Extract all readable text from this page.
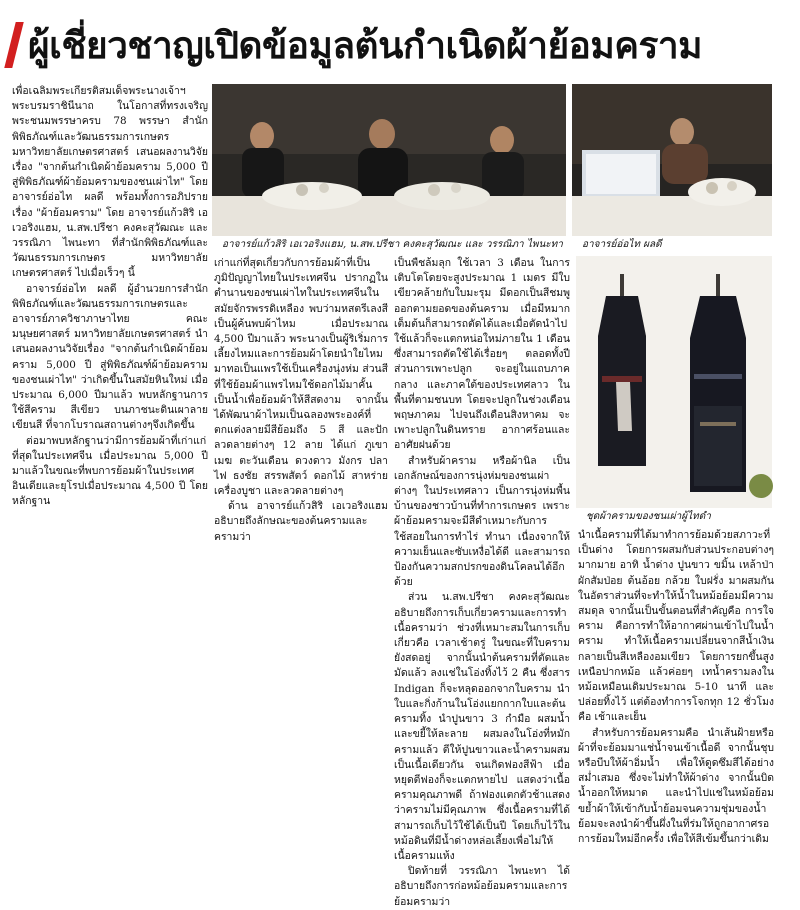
ผู้เชี่ยวชาญเปิดข้อมูลต้นกำเนิดผ้าย้อมคราม

เพื่อเฉลิมพระเกียรติสมเด็จพระนางเจ้าฯ พระบรมราชินีนาถ ในโอกาสที่ทรงเจริญพระชนมพรรษาครบ 78 พรรษา สำนักพิพิธภัณฑ์และวัฒนธรรมการเกษตร มหาวิทยาลัยเกษตรศาสตร์ เสนอผลงานวิจัยเรื่อง "จากต้นกำเนิดผ้าย้อมคราม 5,000 ปี สู่พิพิธภัณฑ์ผ้าย้อมครามของชนเผ่าไท" โดยอาจารย์อ่อไท ผลดี พร้อมทั้งการอภิปรายเรื่อง "ผ้าย้อมคราม" โดย อาจารย์แก้วสิริ เอเวอริงแฮม, น.สพ.ปรีชา คงคะสุวัฒณะ และวรรณิภา ไพนะทา ที่สำนักพิพิธภัณฑ์และวัฒนธรรมการเกษตร มหาวิทยาลัยเกษตรศาสตร์ ไปเมื่อเร็วๆ นี้

อาจารย์อ่อไท ผลดี ผู้อำนวยการสำนักพิพิธภัณฑ์และวัฒนธรรมการเกษตรและอาจารย์ภาควิชาภาษาไทย คณะมนุษยศาสตร์ มหาวิทยาลัยเกษตรศาสตร์ นำเสนอผลงานวิจัยเรื่อง "จากต้นกำเนิดผ้าย้อมคราม 5,000 ปี สู่พิพิธภัณฑ์ผ้าย้อมครามของชนเผ่าไท" ว่าเกิดขึ้นในสมัยหินใหม่ เมื่อประมาณ 6,000 ปีมาแล้ว พบหลักฐานการใช้สีคราม สีเขียว บนภาชนะดินเผาลายเขียนสี ที่จากโบราณสถานต่างๆจึงเกิดขึ้น

ต่อมาพบหลักฐานว่ามีการย้อมผ้าที่เก่าแก่ที่สุดในประเทศจีน เมื่อประมาณ 5,000 ปี มาแล้วในขณะที่พบการย้อมผ้าในประเทศอินเดียและยุโรปเมื่อประมาณ 4,500 ปี โดยหลักฐาน

อาจารย์แก้วสิริ เอเวอริงแฮม, น.สพ.ปรีชา คงคะสุวัฒณะ และ วรรณิภา ไพนะทา	อาจารย์อ่อไท ผลดี

เก่าแก่ที่สุดเกี่ยวกับการย้อมผ้าที่เป็นภูมิปัญญาไทยในประเทศจีน ปรากฏในตำนานของชนเผ่าไทในประเทศจีนในสมัยจักรพรรดิเหลือง พบว่ามหสตรีเลงสี เป็นผู้ค้นพบผ้าไหม เมื่อประมาณ 4,500 ปีมาแล้ว พระนางเป็นผู้ริเริ่มการเลี้ยงไหมและการย้อมผ้าโดยนำใยไหมมาทอเป็นแพรใช้เป็นเครื่องนุ่งห่ม ส่วนสีที่ใช้ย้อมผ้าแพรไหมใช้ดอกไม้มาคั้นเป็นน้ำเพื่อย้อมผ้าให้สีสดงาม จากนั้นได้พัฒนาผ้าไหมเป็นฉลองพระองค์ที่ตกแต่งลายมีสีย้อมถึง 5 สี และปักลวดลายต่างๆ 12 ลาย ได้แก่ ภูเขา เมฆ ตะวันเดือน ดวงดาว มังกร ปลา ไฟ ธงชัย สรรพสัตว์ ดอกไม้ สาหร่าย เครื่องบูชา และลวดลายต่างๆ

ด้าน อาจารย์แก้วสิริ เอเวอริงแฮม อธิบายถึงลักษณะของต้นครามและครามว่า

เป็นพืชล้มลุก ใช้เวลา 3 เดือน ในการเติบโตโดยจะสูงประมาณ 1 เมตร มีใบเขียวคล้ายกับใบมะรุม มีดอกเป็นสีชมพู ออกตามยอดของต้นคราม เมื่อมีหมากเต็มต้นก็สามารถตัดได้และเมื่อตัดนำไปใช้แล้วก็จะแตกหน่อใหม่ภายใน 1 เดือน ซึ่งสามารถตัดใช้ได้เรื่อยๆ ตลอดทั้งปี ส่วนการเพาะปลูก จะอยู่ในแถบภาคกลาง และภาคใต้ของประเทศลาว ในพื้นที่ตามชนบท โดยจะปลูกในช่วงเดือนพฤษภาคม ไปจนถึงเดือนสิงหาคม จะเพาะปลูกในดินทราย อากาศร้อนและอาศัยฝนด้วย

สำหรับผ้าคราม หรือผ้านิล เป็นเอกลักษณ์ของการนุ่งห่มของชนเผ่าต่างๆ ในประเทศลาว เป็นการนุ่งห่มพื้นบ้านของชาวบ้านที่ทำการเกษตร เพราะผ้าย้อมครามจะมีสีดำเหมาะกับการใช้สอยในการทำไร่ ทำนา เนื่องจากให้ความเย็นและซับเหงื่อได้ดี และสามารถป้องกันความสกปรกของดินโคลนได้อีกด้วย

ส่วน น.สพ.ปรีชา คงคะสุวัฒณะ อธิบายถึงการเก็บเกี่ยวครามและการทำเนื้อครามว่า ช่วงที่เหมาะสมในการเก็บเกี่ยวคือ เวลาเช้าตรู่ ในขณะที่ใบครามยังสดอยู่ จากนั้นนำต้นครามที่ตัดและมัดแล้ว ลงแช่ในโอ่งทิ้งไว้ 2 คืน ซึ่งสาร Indigan ก็จะหลุดออกจากใบคราม นำใบและกิ่งก้านในโอ่งแยกกากใบและต้นครามทิ้ง นำปูนขาว 3 กำมือ ผสมน้ำและขยี้ให้ละลาย ผสมลงในโอ่งที่หมักครามแล้ว ตีให้ปูนขาวและน้ำครามผสมเป็นเนื้อเดียวกัน จนเกิดฟองสีฟ้า เมื่อหยุดตีฟองก็จะแตกหายไป แสดงว่าเนื้อครามคุณภาพดี ถ้าฟองแตกตัวช้าแสดงว่าครามไม่มีคุณภาพ ซึ่งเนื้อครามที่ได้สามารถเก็บไว้ใช้ได้เป็นปี โดยเก็บไว้ในหม้อดินที่มีน้ำด่างหล่อเลี้ยงเพื่อไม่ให้เนื้อครามแห้ง

ปิดท้ายที่ วรรณิภา ไพนะทา ได้อธิบายถึงการก่อหม้อย้อมครามและการย้อมครามว่า

ชุดผ้าครามของชนเผ่าผู้ไทดำ

นำเนื้อครามที่ได้มาทำการย้อมด้วยสภาวะที่เป็นด่าง โดยการผสมกับส่วนประกอบต่างๆ มากมาย อาทิ น้ำด่าง ปูนขาว ขมิ้น เหล้าป่า ผักสัมป่อย ต้นอ้อย กล้วย ใบฝรั่ง มาผสมกันในอัตราส่วนที่จะทำให้น้ำในหม้อย้อมมีความสมดุล จากนั้นเป็นขั้นตอนที่สำคัญคือ การใจคราม คือการทำให้อากาศผ่านเข้าไปในน้ำคราม ทำให้เนื้อครามเปลี่ยนจากสีน้ำเงิน กลายเป็นสีเหลืองอมเขียว โดยการยกขึ้นสูงเหนือปากหม้อ แล้วค่อยๆ เทน้ำครามลงในหม้อเหมือนเดิมประมาณ 5-10 นาที และปล่อยทิ้งไว้ แต่ต้องทำการโจกทุก 12 ชั่วโมง คือ เช้าและเย็น

สำหรับการย้อมครามคือ นำเส้นฝ้ายหรือผ้าที่จะย้อมมาแช่น้ำจนเข้าเนื้อดี จากนั้นชุบหรือบีบให้ผ้าอิ่มน้ำ เพื่อให้ดูดซึมสีได้อย่างสม่ำเสมอ ซึ่งจะไม่ทำให้ผ้าด่าง จากนั้นบิดน้ำออกให้หมาด และนำไปแช่ในหม้อย้อม ขย้ำผ้าให้เข้ากับน้ำย้อมจนความชุ่มของน้ำย้อมจะลงนำผ้าขึ้นผึ่งในที่ร่มให้ถูกอากาศรอการย้อมใหม่อีกครั้ง เพื่อให้สีเข้มขึ้นกว่าเดิม
